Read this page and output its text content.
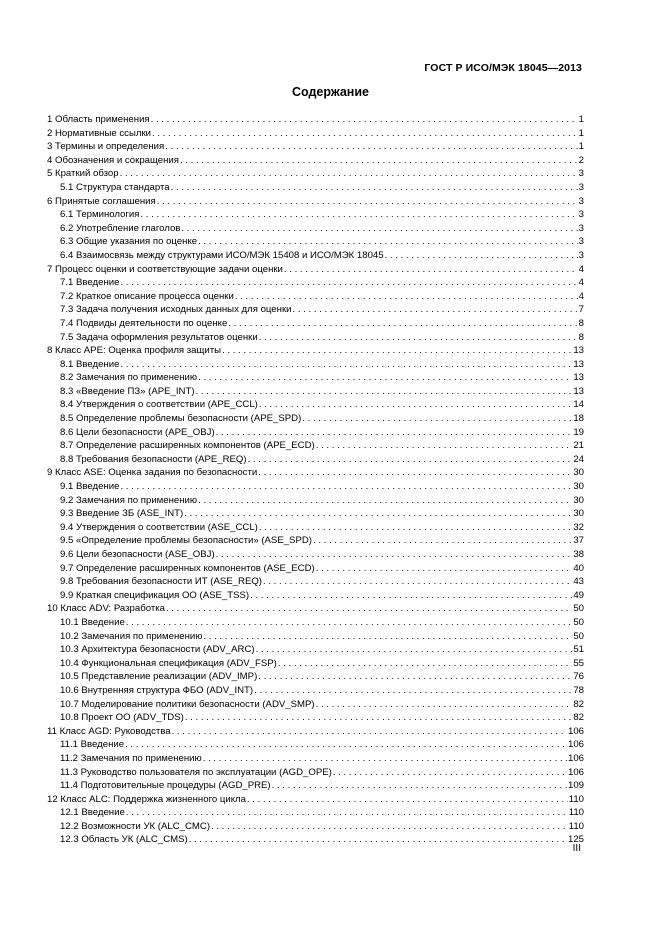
ГОСТ Р ИСО/МЭК 18045—2013
Содержание
1 Область применения . . .	1
2 Нормативные ссылки . . .	1
3 Термины и определения . . .	1
4 Обозначения и сокращения . . .	2
5 Краткий обзор . . .	3
5.1 Структура стандарта . . .	3
6 Принятые соглашения . . .	3
6.1 Терминология . . .	3
6.2 Употребление глаголов . . .	3
6.3 Общие указания по оценке . . .	3
6.4 Взаимосвязь между структурами ИСО/МЭК 15408 и ИСО/МЭК 18045 . . .	3
7 Процесс оценки и соответствующие задачи оценки . . .	4
7.1 Введение . . .	4
7.2 Краткое описание процесса оценки . . .	4
7.3 Задача получения исходных данных для оценки . . .	7
7.4 Подвиды деятельности по оценке . . .	8
7.5 Задача оформления результатов оценки . . .	8
8 Класс APE: Оценка профиля защиты . . .	13
8.1 Введение . . .	13
8.2 Замечания по применению . . .	13
8.3 «Введение ПЗ» (APE_INT) . . .	13
8.4 Утверждения о соответствии (APE_CCL) . . .	14
8.5 Определение проблемы безопасности (APE_SPD) . . .	18
8.6 Цели безопасности (APE_OBJ) . . .	19
8.7 Определение расширенных компонентов (APE_ECD) . . .	21
8.8 Требования безопасности (APE_REQ) . . .	24
9 Класс ASE: Оценка задания по безопасности . . .	30
9.1 Введение . . .	30
9.2 Замечания по применению . . .	30
9.3 Введение ЗБ (ASE_INT) . . .	30
9.4 Утверждения о соответствии (ASE_CCL) . . .	32
9.5 «Определение проблемы безопасности» (ASE_SPD) . . .	37
9.6 Цели безопасности (ASE_OBJ) . . .	38
9.7 Определение расширенных компонентов (ASE_ECD) . . .	40
9.8 Требования безопасности ИТ (ASE_REQ) . . .	43
9.9 Краткая спецификация ОО (ASE_TSS) . . .	49
10 Класс ADV: Разработка . . .	50
10.1 Введение . . .	50
10.2 Замечания по применению . . .	50
10.3 Архитектура безопасности (ADV_ARC) . . .	51
10.4 Функциональная спецификация (ADV_FSP) . . .	55
10.5 Представление реализации (ADV_IMP) . . .	76
10.6 Внутренняя структура ФБО (ADV_INT) . . .	78
10.7 Моделирование политики безопасности (ADV_SMP) . . .	82
10.8 Проект ОО (ADV_TDS) . . .	82
11 Класс AGD: Руководства . . .	106
11.1 Введение . . .	106
11.2 Замечания по применению . . .	106
11.3 Руководство пользователя по эксплуатации (AGD_OPE) . . .	106
11.4 Подготовительные процедуры (AGD_PRE) . . .	109
12 Класс ALC: Поддержка жизненного цикла . . .	110
12.1 Введение . . .	110
12.2 Возможности УК (ALC_CMC) . . .	110
12.3 Область УК (ALC_CMS) . . .	125
III
